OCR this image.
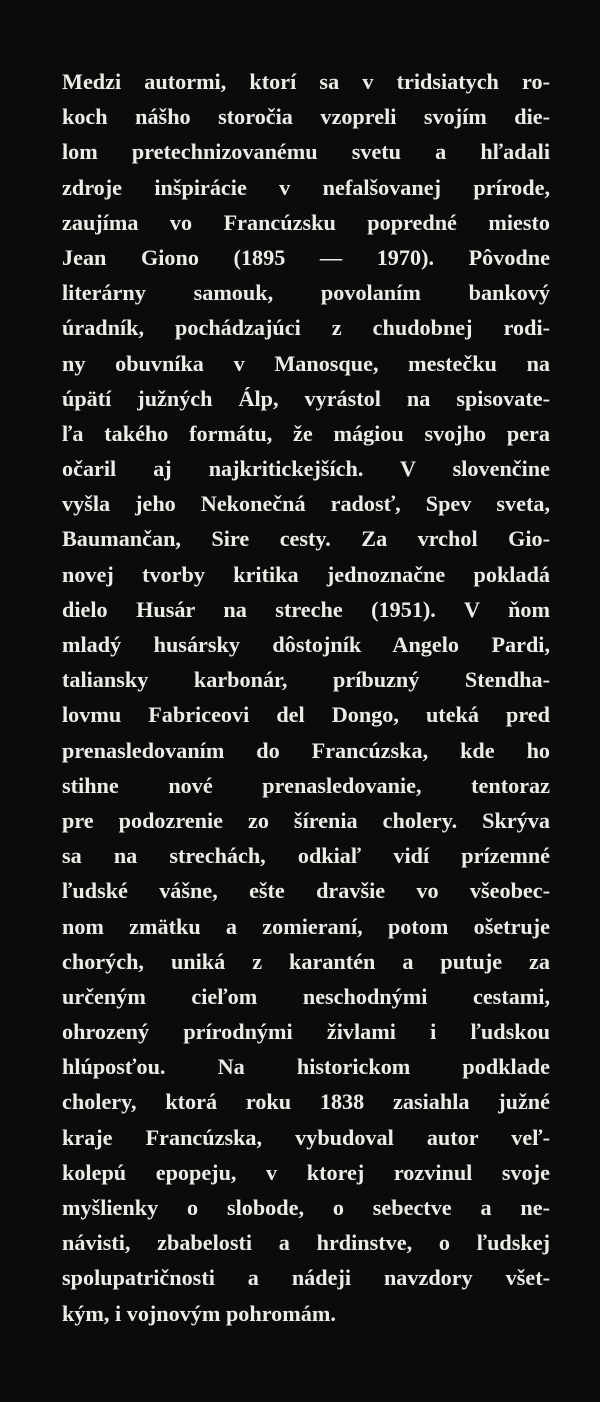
Medzi autormi, ktorí sa v tridsiatych ro-
koch nášho storočia vzopreli svojím die-
lom pretechnizovanému svetu a hľadali
zdroje inšpirácie v nefalšovanej prírode,
zaujíma vo Francúzsku popredné miesto
Jean Giono (1895 — 1970). Pôvodne
literárny samouk, povolaním bankový
úradník, pochádzajúci z chudobnej rodi-
ny obuvníka v Manosque, mestečku na
úpätí južných Álp, vyrástol na spisovate-
ľa takého formátu, že mágiou svojho pera
očaril aj najkritickejších. V slovenčine
vyšla jeho Nekonečná radosť, Spev sveta,
Baumančan, Sire cesty. Za vrchol Gio-
novej tvorby kritika jednoznačne pokladá
dielo Husár na streche (1951). V ňom
mladý husársky dôstojník Angelo Pardi,
taliansky karbonár, príbuzný Stendha-
lovmu Fabriceovi del Dongo, uteká pred
prenasledovaním do Francúzska, kde ho
stihne nové prenasledovanie, tentoraz
pre podozrenie zo šírenia cholery. Skrýva
sa na strechách, odkiaľ vidí prízemné
ľudské vášne, ešte dravšie vo všeobec-
nom zmätku a zomieraní, potom ošetruje
chorých, uniká z karantén a putuje za
určeným cieľom neschodnými cestami,
ohrozený prírodnými živlami i ľudskou
hlúposťou. Na historickom podklade
cholery, ktorá roku 1838 zasiahla južné
kraje Francúzska, vybudoval autor veľ-
kolepú epopeju, v ktorej rozvinul svoje
myšlienky o slobode, o sebectve a ne-
návisti, zbabelosti a hrdinstve, o ľudskej
spolupatričnosti a nádeji navzdory všet-
kým, i vojnovým pohromám.
